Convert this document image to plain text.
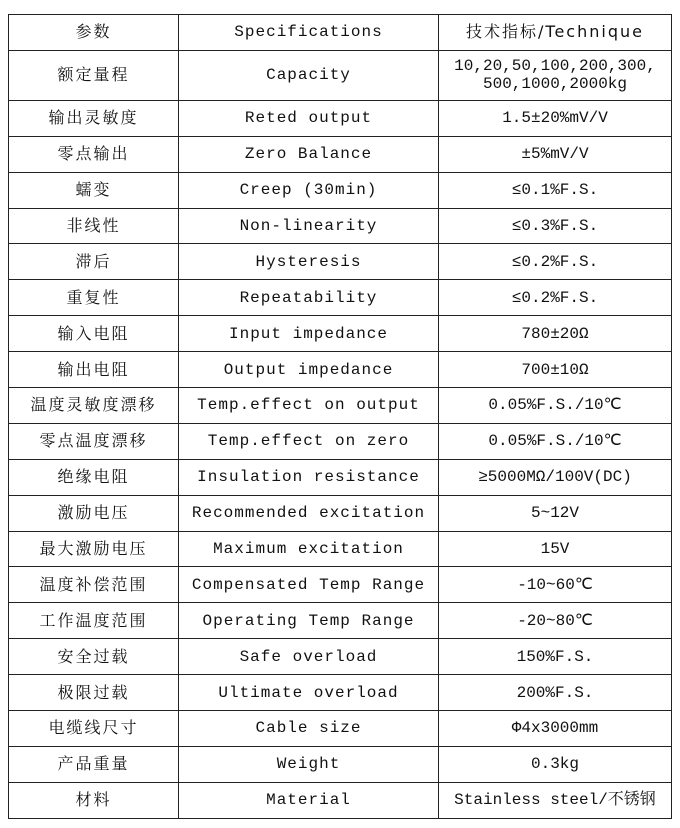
参数	Specifications	技术指标/Technique
额定量程	Capacity	10,20,50,100,200,300,
500,1000,2000kg

输出灵敏度	Reted output	1.5±20%mV/V
零点输出	Zero Balance	±5%mV/V
蠕变	Creep (30min)	≤0.1%F.S.
非线性	Non-linearity	≤0.3%F.S.
滞后	Hysteresis	≤0.2%F.S.
重复性	Repeatability	≤0.2%F.S.
输入电阻	Input impedance	780±20Ω
输出电阻	Output impedance	700±10Ω
温度灵敏度漂移	Temp.effect on output	0.05%F.S./10℃
零点温度漂移	Temp.effect on zero	0.05%F.S./10℃
绝缘电阻	Insulation resistance	≥5000MΩ/100V(DC)
激励电压	Recommended excitation	5~12V
最大激励电压	Maximum excitation	15V
温度补偿范围	Compensated Temp Range	-10~60℃
工作温度范围	Operating Temp Range	-20~80℃
安全过载	Safe overload	150%F.S.
极限过载	Ultimate overload	200%F.S.
电缆线尺寸	Cable size	Φ4x3000mm
产品重量	Weight	0.3kg
材料	Material	Stainless steel/不锈钢
